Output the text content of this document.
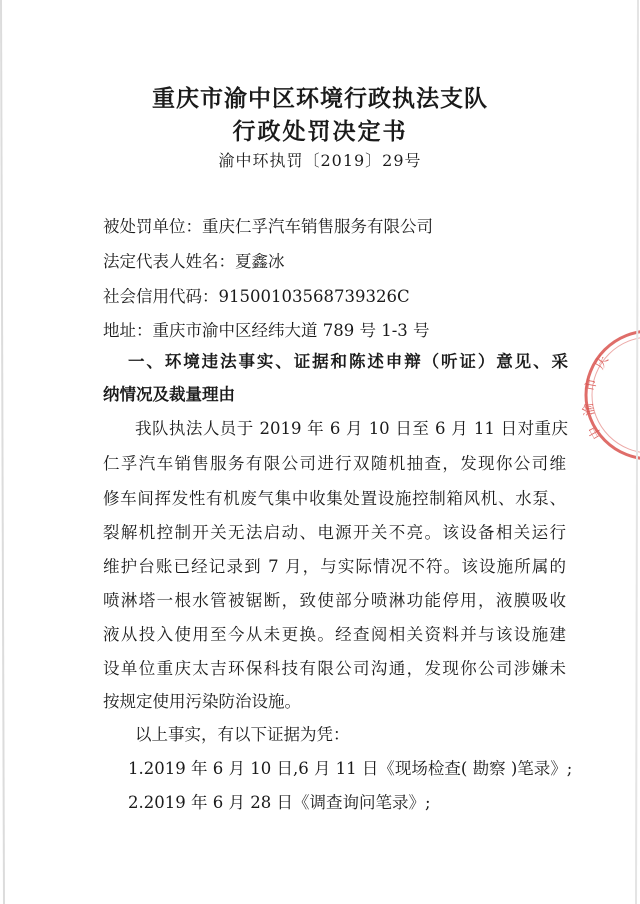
重庆市渝中区环境行政执法支队
行政处罚决定书
渝中环执罚〔2019〕29号
被处罚单位：重庆仁孚汽车销售服务有限公司
法定代表人姓名：夏鑫冰
社会信用代码：91500103568739326C
地址：重庆市渝中区经纬大道 789 号 1-3 号
一、环境违法事实、证据和陈述申辩（听证）意见、采
纳情况及裁量理由
我队执法人员于 2019 年 6 月 10 日至 6 月 11 日对重庆
仁孚汽车销售服务有限公司进行双随机抽查，发现你公司维
修车间挥发性有机废气集中收集处置设施控制箱风机、水泵、
裂解机控制开关无法启动、电源开关不亮。该设备相关运行
维护台账已经记录到 7 月，与实际情况不符。该设施所属的
喷淋塔一根水管被锯断，致使部分喷淋功能停用，液膜吸收
液从投入使用至今从未更换。经查阅相关资料并与该设施建
设单位重庆太吉环保科技有限公司沟通，发现你公司涉嫌未
按规定使用污染防治设施。
以上事实，有以下证据为凭：
1.2019 年 6 月 10 日,6 月 11 日《现场检查( 勘察 )笔录》;
2.2019 年 6 月 28 日《调查询问笔录》;
庆
市
渝
中
